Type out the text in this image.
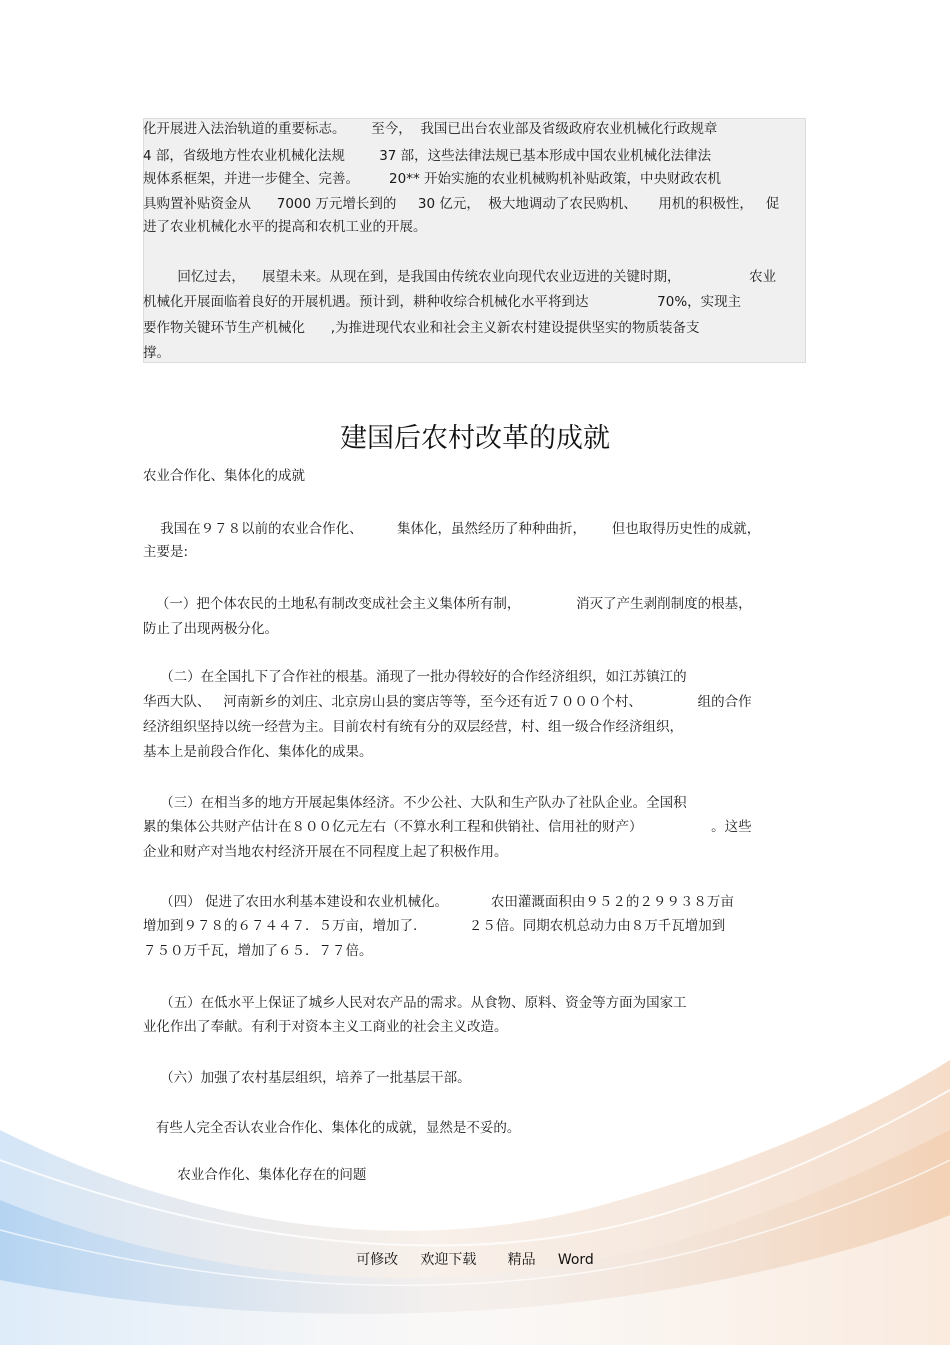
化开展进入法治轨道的重要标志。      至今，  我国已出台农业部及省级政府农业机械化行政规章
4 部，省级地方性农业机械化法规        37 部，这些法律法规已基本形成中国农业机械化法律法
规体系框架，并进一步健全、完善。       20** 开始实施的农业机械购机补贴政策，中央财政农机
具购置补贴资金从      7000 万元增长到的     30 亿元，  极大地调动了农民购机、     用机的积极性，   促
进了农业机械化水平的提高和农机工业的开展。
回忆过去，    展望未来。从现在到，是我国由传统农业向现代农业迈进的关键时期，                农业
机械化开展面临着良好的开展机遇。预计到，耕种收综合机械化水平将到达                70%，实现主
要作物关键环节生产机械化      ,为推进现代农业和社会主义新农村建设提供坚实的物质装备支
撑。
建国后农村改革的成就
农业合作化、集体化的成就
我国在９７８以前的农业合作化、        集体化，虽然经历了种种曲折，      但也取得历史性的成就，
主要是:
（一）把个体农民的土地私有制改变成社会主义集体所有制，             消灭了产生剥削制度的根基，
防止了出现两极分化。
（二）在全国扎下了合作社的根基。涌现了一批办得较好的合作经济组织，如江苏镇江的
华西大队、   河南新乡的刘庄、北京房山县的窦店等等，至今还有近７０００个村、             组的合作
经济组织坚持以统一经营为主。目前农村有统有分的双层经营，村、组一级合作经济组织，
基本上是前段合作化、集体化的成果。
（三）在相当多的地方开展起集体经济。不少公社、大队和生产队办了社队企业。全国积
累的集体公共财产估计在８００亿元左右（不算水利工程和供销社、信用社的财产）                。这些
企业和财产对当地农村经济开展在不同程度上起了积极作用。
（四） 促进了农田水利基本建设和农业机械化。          农田灌溉面积由９５２的２９９３８万亩
增加到９７８的６７４４７．５万亩，增加了.            ２５倍。同期农机总动力由８万千瓦增加到
７５０万千瓦，增加了６５．７７倍。
（五）在低水平上保证了城乡人民对农产品的需求。从食物、原料、资金等方面为国家工
业化作出了奉献。有利于对资本主义工商业的社会主义改造。
（六）加强了农村基层组织，培养了一批基层干部。
有些人完全否认农业合作化、集体化的成就，显然是不妥的。
农业合作化、集体化存在的问题
可修改     欢迎下载       精品     Word
